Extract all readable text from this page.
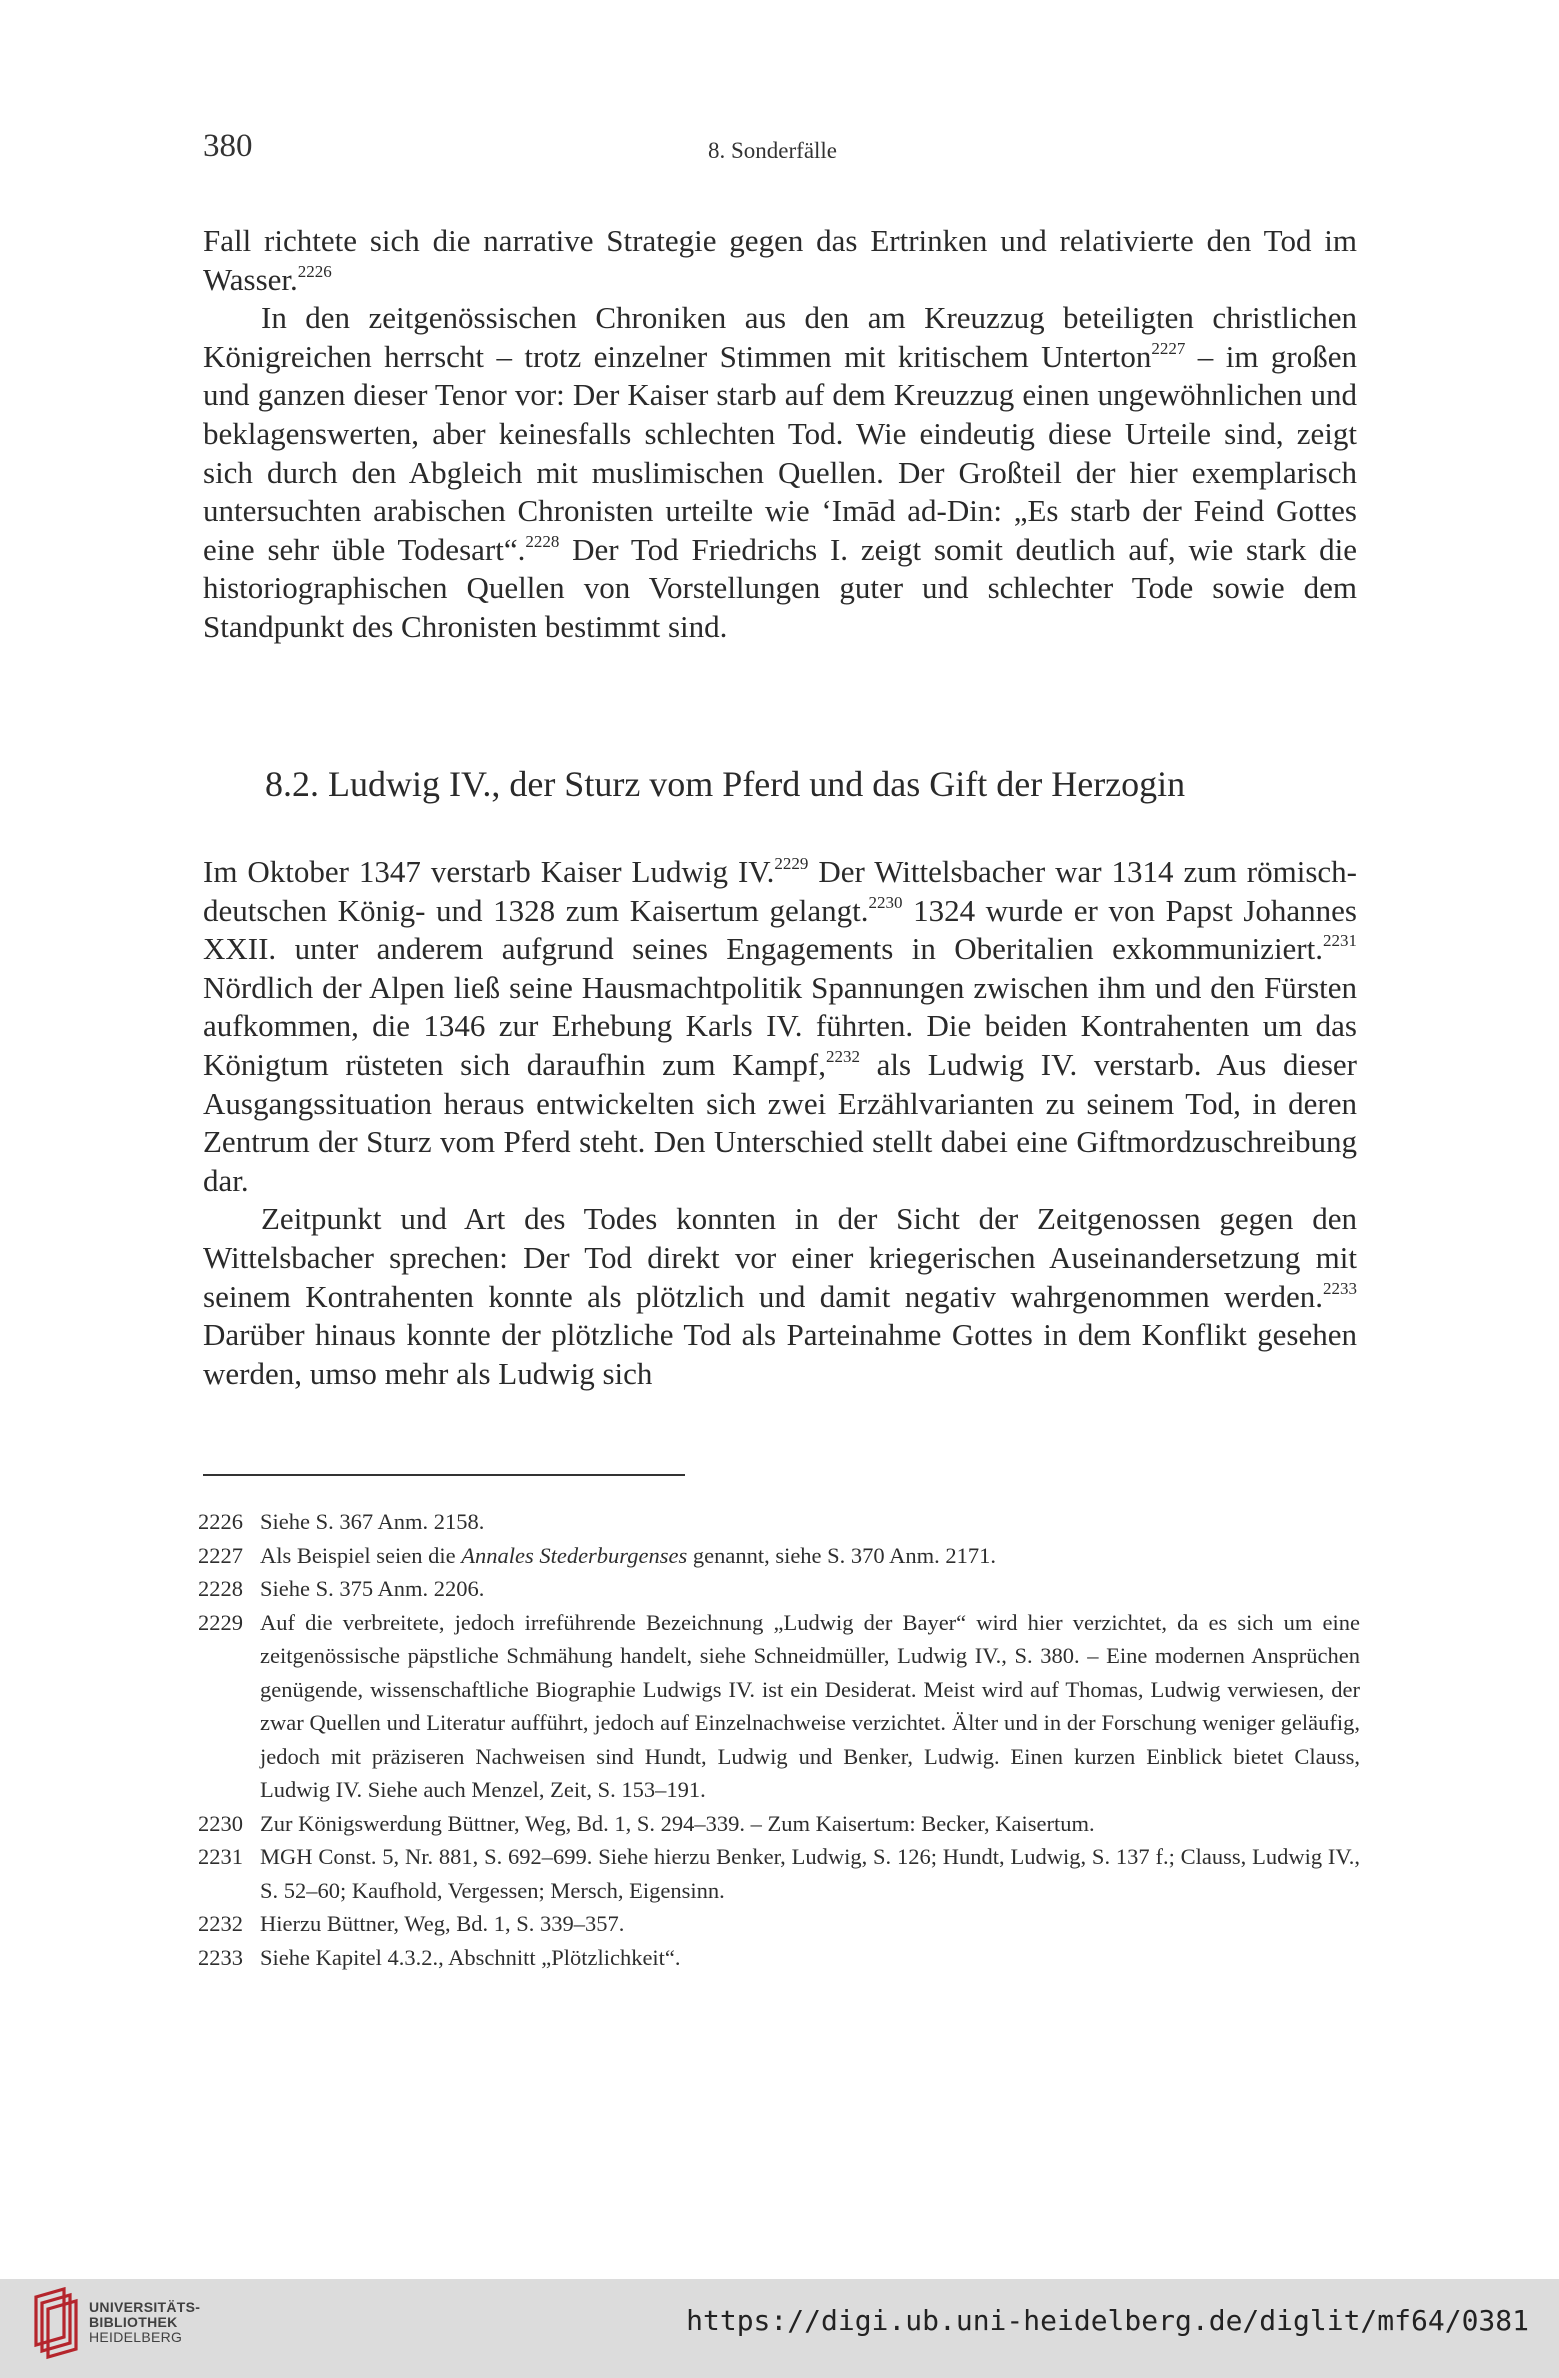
380	8. Sonderfälle

Fall richtete sich die narrative Strategie gegen das Ertrinken und relativierte den Tod im Wasser.$^{2226}$

In den zeitgenössischen Chroniken aus den am Kreuzzug beteiligten christlichen Königreichen herrscht – trotz einzelner Stimmen mit kritischem Unterton$^{2227}$ – im großen und ganzen dieser Tenor vor: Der Kaiser starb auf dem Kreuzzug einen ungewöhnlichen und beklagenswerten, aber keinesfalls schlechten Tod. Wie eindeutig diese Urteile sind, zeigt sich durch den Abgleich mit muslimischen Quellen. Der Großteil der hier exemplarisch untersuchten arabischen Chronisten urteilte wie ʻImād ad-Din: „Es starb der Feind Gottes eine sehr üble Todesart“.$^{2228}$ Der Tod Friedrichs I. zeigt somit deutlich auf, wie stark die historiographischen Quellen von Vorstellungen guter und schlechter Tode sowie dem Standpunkt des Chronisten bestimmt sind.

8.2. Ludwig IV., der Sturz vom Pferd und das Gift der Herzogin

Im Oktober 1347 verstarb Kaiser Ludwig IV.$^{2229}$ Der Wittelsbacher war 1314 zum römisch-deutschen König- und 1328 zum Kaisertum gelangt.$^{2230}$ 1324 wurde er von Papst Johannes XXII. unter anderem aufgrund seines Engagements in Oberitalien exkommuniziert.$^{2231}$ Nördlich der Alpen ließ seine Hausmachtpolitik Spannungen zwischen ihm und den Fürsten aufkommen, die 1346 zur Erhebung Karls IV. führten. Die beiden Kontrahenten um das Königtum rüsteten sich daraufhin zum Kampf,$^{2232}$ als Ludwig IV. verstarb. Aus dieser Ausgangssituation heraus entwickelten sich zwei Erzählvarianten zu seinem Tod, in deren Zentrum der Sturz vom Pferd steht. Den Unterschied stellt dabei eine Giftmordzuschreibung dar.

Zeitpunkt und Art des Todes konnten in der Sicht der Zeitgenossen gegen den Wittelsbacher sprechen: Der Tod direkt vor einer kriegerischen Auseinandersetzung mit seinem Kontrahenten konnte als plötzlich und damit negativ wahrgenommen werden.$^{2233}$ Darüber hinaus konnte der plötzliche Tod als Parteinahme Gottes in dem Konflikt gesehen werden, umso mehr als Ludwig sich

2226 Siehe S. 367 Anm. 2158.
2227 Als Beispiel seien die Annales Stederburgenses genannt, siehe S. 370 Anm. 2171.
2228 Siehe S. 375 Anm. 2206.
2229 Auf die verbreitete, jedoch irreführende Bezeichnung „Ludwig der Bayer“ wird hier verzichtet, da es sich um eine zeitgenössische päpstliche Schmähung handelt, siehe Schneidmüller, Ludwig IV., S. 380. – Eine modernen Ansprüchen genügende, wissenschaftliche Biographie Ludwigs IV. ist ein Desiderat. Meist wird auf Thomas, Ludwig verwiesen, der zwar Quellen und Literatur aufführt, jedoch auf Einzelnachweise verzichtet. Älter und in der Forschung weniger geläufig, jedoch mit präziseren Nachweisen sind Hundt, Ludwig und Benker, Ludwig. Einen kurzen Einblick bietet Clauss, Ludwig IV. Siehe auch Menzel, Zeit, S. 153–191.
2230 Zur Königswerdung Büttner, Weg, Bd. 1, S. 294–339. – Zum Kaisertum: Becker, Kaisertum.
2231 MGH Const. 5, Nr. 881, S. 692–699. Siehe hierzu Benker, Ludwig, S. 126; Hundt, Ludwig, S. 137 f.; Clauss, Ludwig IV., S. 52–60; Kaufhold, Vergessen; Mersch, Eigensinn.
2232 Hierzu Büttner, Weg, Bd. 1, S. 339–357.
2233 Siehe Kapitel 4.3.2., Abschnitt „Plötzlichkeit“.
UNIVERSITÄTS-
BIBLIOTHEK
HEIDELBERG	https://digi.ub.uni-heidelberg.de/diglit/mf64/0381
